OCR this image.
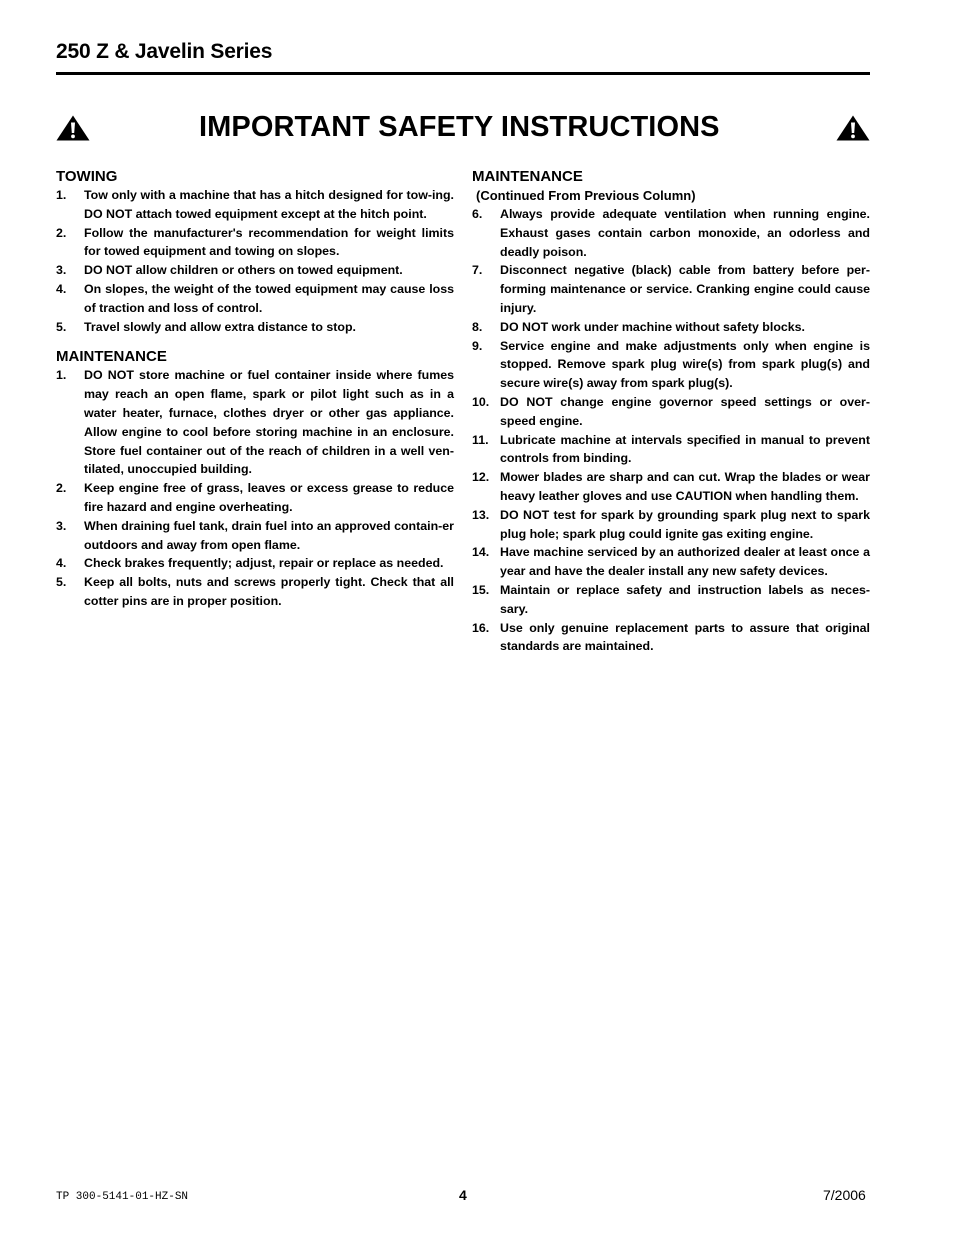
250 Z & Javelin Series
IMPORTANT SAFETY INSTRUCTIONS
TOWING
1.	Tow only with a machine that has a hitch designed for tow-ing. DO NOT attach towed equipment except at the hitch point.
2.	Follow the manufacturer's recommendation for weight limits for towed equipment and towing on slopes.
3.	DO NOT allow children or others on towed equipment.
4.	On slopes, the weight of the towed equipment may cause loss of traction and loss of control.
5.	Travel slowly and allow extra distance to stop.
MAINTENANCE
1.	DO NOT store machine or fuel container inside where fumes may reach an open flame, spark or pilot light such as in a water heater, furnace, clothes dryer or other gas appliance. Allow engine to cool before storing machine in an enclosure. Store fuel container out of the reach of children in a well ven-tilated, unoccupied building.
2.	Keep engine free of grass, leaves or excess grease to reduce fire hazard and engine overheating.
3.	When draining fuel tank, drain fuel into an approved contain-er outdoors and away from open flame.
4.	Check brakes frequently; adjust, repair or replace as needed.
5.	Keep all bolts, nuts and screws properly tight. Check that all cotter pins are in proper position.
MAINTENANCE
(Continued From Previous Column)
6.	Always provide adequate ventilation when running engine. Exhaust gases contain carbon monoxide, an odorless and deadly poison.
7.	Disconnect negative (black) cable from battery before per-forming maintenance or service. Cranking engine could cause injury.
8.	DO NOT work under machine without safety blocks.
9.	Service engine and make adjustments only when engine is stopped. Remove spark plug wire(s) from spark plug(s) and secure wire(s) away from spark plug(s).
10. DO NOT change engine governor speed settings or over-speed engine.
11. Lubricate machine at intervals specified in manual to prevent controls from binding.
12. Mower blades are sharp and can cut. Wrap the blades or wear heavy leather gloves and use CAUTION when handling them.
13. DO NOT test for spark by grounding spark plug next to spark plug hole; spark plug could ignite gas exiting engine.
14. Have machine serviced by an authorized dealer at least once a year and have the dealer install any new safety devices.
15. Maintain or replace safety and instruction labels as neces-sary.
16. Use only genuine replacement parts to assure that original standards are maintained.
TP 300-5141-01-HZ-SN	4	7/2006
